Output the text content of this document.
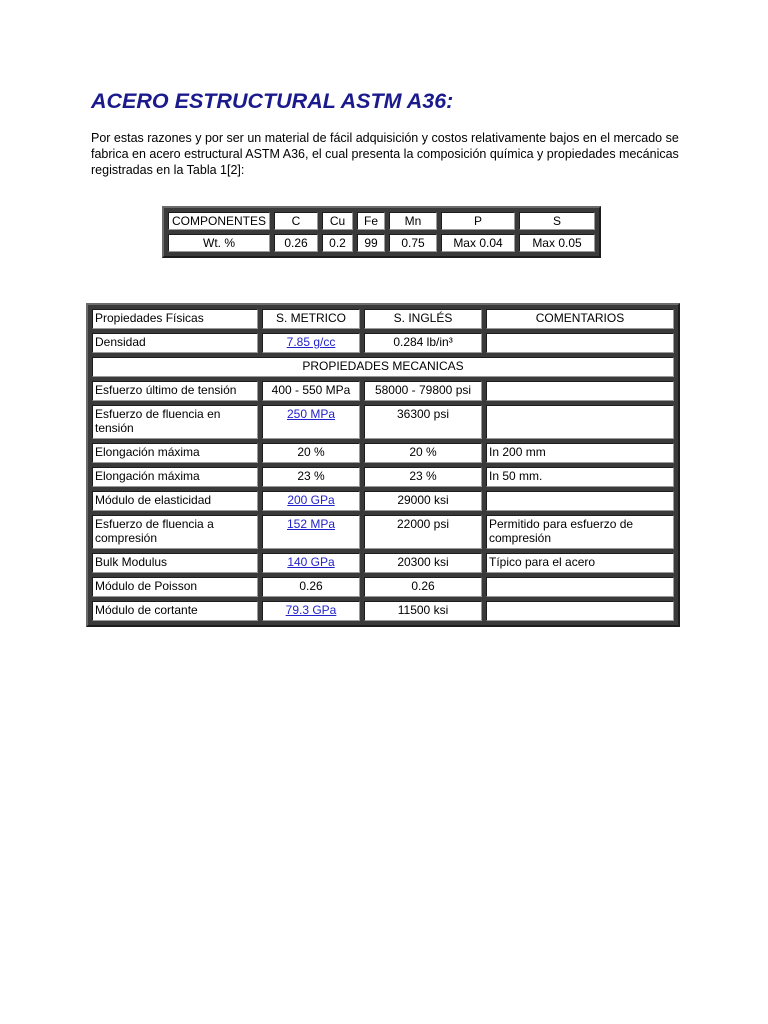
ACERO ESTRUCTURAL ASTM A36:

Por estas razones y por ser un material de fácil adquisición y costos relativamente bajos en el mercado se fabrica en acero estructural ASTM A36, el cual presenta la composición química y propiedades mecánicas registradas en la Tabla 1[2]:

COMPONENTES	C	Cu	Fe	Mn	P	S
Wt. %	0.26	0.2	99	0.75	Max 0.04	Max 0.05
Propiedades Físicas	S. METRICO	S. INGLÉS	COMENTARIOS
Densidad	7.85 g/cc	0.284 lb/in³	
PROPIEDADES MECANICAS			
Esfuerzo último de tensión	400 - 550 MPa	58000 - 79800 psi	
Esfuerzo de fluencia en tensión	250 MPa	36300 psi	
Elongación máxima	20 %	20 %	In 200 mm
Elongación máxima	23 %	23 %	In 50 mm.
Módulo de elasticidad	200 GPa	29000 ksi	
Esfuerzo de fluencia a compresión	152 MPa	22000 psi	Permitido para esfuerzo de compresión
Bulk Modulus	140 GPa	20300 ksi	Típico para el acero
Módulo de Poisson	0.26	0.26	
Módulo de cortante	79.3 GPa	11500 ksi	
